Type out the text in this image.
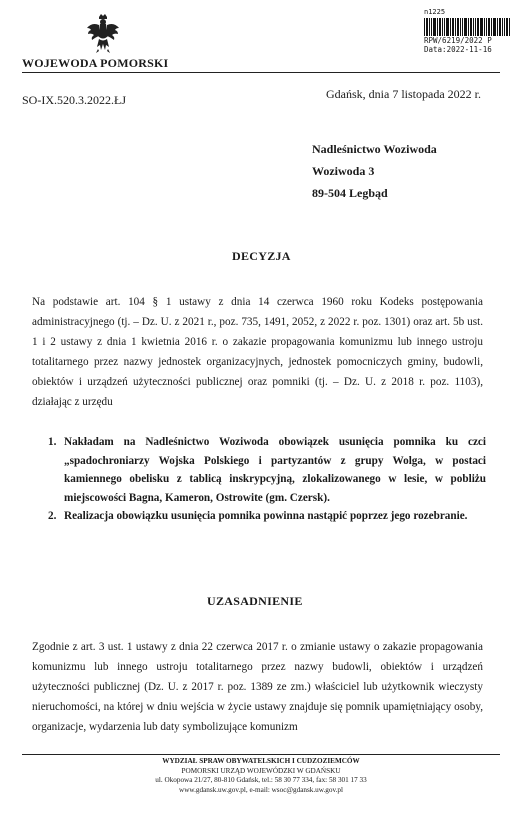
WOJEWODA POMORSKI
n1225
RPW/6219/2022 P
Data:2022-11-16
Gdańsk, dnia 7 listopada 2022 r.
SO-IX.520.3.2022.ŁJ
Nadleśnictwo Woziwoda
Woziwoda 3
89-504 Legbąd
DECYZJA
Na podstawie art. 104 § 1 ustawy z dnia 14 czerwca 1960 roku Kodeks postępowania administracyjnego (tj. – Dz. U. z 2021 r., poz. 735, 1491, 2052, z 2022 r. poz. 1301) oraz art. 5b ust. 1 i 2 ustawy z dnia 1 kwietnia 2016 r. o zakazie propagowania komunizmu lub innego ustroju totalitarnego przez nazwy jednostek organizacyjnych, jednostek pomocniczych gminy, budowli, obiektów i urządzeń użyteczności publicznej oraz pomniki (tj. – Dz. U. z 2018 r. poz. 1103), działając z urzędu
1. Nakładam na Nadleśnictwo Woziwoda obowiązek usunięcia pomnika ku czci „spadochroniarzy Wojska Polskiego i partyzantów z grupy Wolga, w postaci kamiennego obelisku z tablicą inskrypcyjną, zlokalizowanego w lesie, w pobliżu miejscowości Bagna, Kameron, Ostrowite (gm. Czersk).
2. Realizacja obowiązku usunięcia pomnika powinna nastąpić poprzez jego rozebranie.
UZASADNIENIE
Zgodnie z art. 3 ust. 1 ustawy z dnia 22 czerwca 2017 r. o zmianie ustawy o zakazie propagowania komunizmu lub innego ustroju totalitarnego przez nazwy budowli, obiektów i urządzeń użyteczności publicznej (Dz. U. z 2017 r. poz. 1389 ze zm.) właściciel lub użytkownik wieczysty nieruchomości, na której w dniu wejścia w życie ustawy znajduje się pomnik upamiętniający osoby, organizacje, wydarzenia lub daty symbolizujące komunizm
WYDZIAŁ SPRAW OBYWATELSKICH I CUDZOZIEMCÓW
POMORSKI URZĄD WOJEWÓDZKI W GDAŃSKU
ul. Okopowa 21/27, 80-810 Gdańsk, tel.: 58 30 77 334, fax: 58 301 17 33
www.gdansk.uw.gov.pl, e-mail: wsoc@gdansk.uw.gov.pl
